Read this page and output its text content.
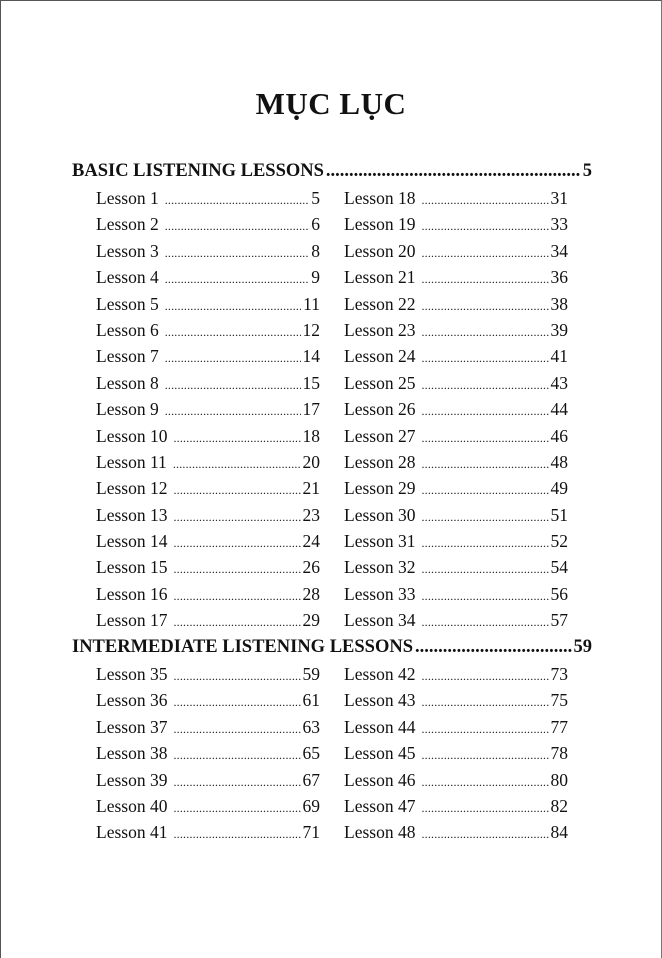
MỤC LỤC
BASIC LISTENING LESSONS .....	5
Lesson 1 .....	5
Lesson 2 .....	6
Lesson 3 .....	8
Lesson 4 .....	9
Lesson 5 .....	11
Lesson 6 .....	12
Lesson 7 .....	14
Lesson 8 .....	15
Lesson 9 .....	17
Lesson 10 .....	18
Lesson 11 .....	20
Lesson 12 .....	21
Lesson 13 .....	23
Lesson 14 .....	24
Lesson 15 .....	26
Lesson 16 .....	28
Lesson 17 .....	29
Lesson 18 .....	31
Lesson 19 .....	33
Lesson 20 .....	34
Lesson 21 .....	36
Lesson 22 .....	38
Lesson 23 .....	39
Lesson 24 .....	41
Lesson 25 .....	43
Lesson 26 .....	44
Lesson 27 .....	46
Lesson 28 .....	48
Lesson 29 .....	49
Lesson 30 .....	51
Lesson 31 .....	52
Lesson 32 .....	54
Lesson 33 .....	56
Lesson 34 .....	57
INTERMEDIATE LISTENING LESSONS .....	59
Lesson 35 .....	59
Lesson 36 .....	61
Lesson 37 .....	63
Lesson 38 .....	65
Lesson 39 .....	67
Lesson 40 .....	69
Lesson 41 .....	71
Lesson 42 .....	73
Lesson 43 .....	75
Lesson 44 .....	77
Lesson 45 .....	78
Lesson 46 .....	80
Lesson 47 .....	82
Lesson 48 .....	84
